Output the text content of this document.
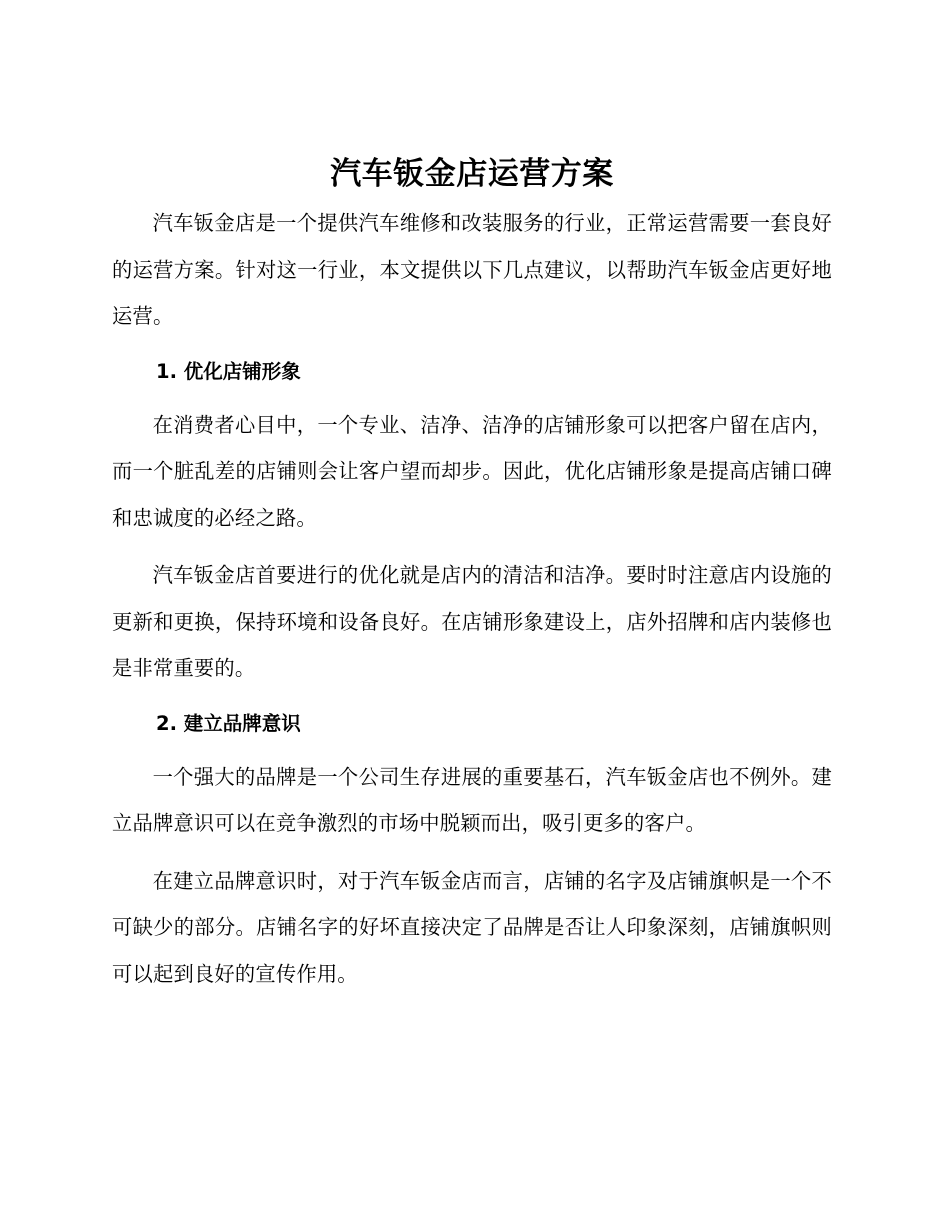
汽车钣金店运营方案

汽车钣金店是一个提供汽车维修和改装服务的行业，正常运营需要一套良好的运营方案。针对这一行业，本文提供以下几点建议，以帮助汽车钣金店更好地运营。

1. 优化店铺形象

在消费者心目中，一个专业、洁净、洁净的店铺形象可以把客户留在店内，而一个脏乱差的店铺则会让客户望而却步。因此，优化店铺形象是提高店铺口碑和忠诚度的必经之路。

汽车钣金店首要进行的优化就是店内的清洁和洁净。要时时注意店内设施的更新和更换，保持环境和设备良好。在店铺形象建设上，店外招牌和店内装修也是非常重要的。

2. 建立品牌意识

一个强大的品牌是一个公司生存进展的重要基石，汽车钣金店也不例外。建立品牌意识可以在竞争激烈的市场中脱颖而出，吸引更多的客户。

在建立品牌意识时，对于汽车钣金店而言，店铺的名字及店铺旗帜是一个不可缺少的部分。店铺名字的好坏直接决定了品牌是否让人印象深刻，店铺旗帜则可以起到良好的宣传作用。
